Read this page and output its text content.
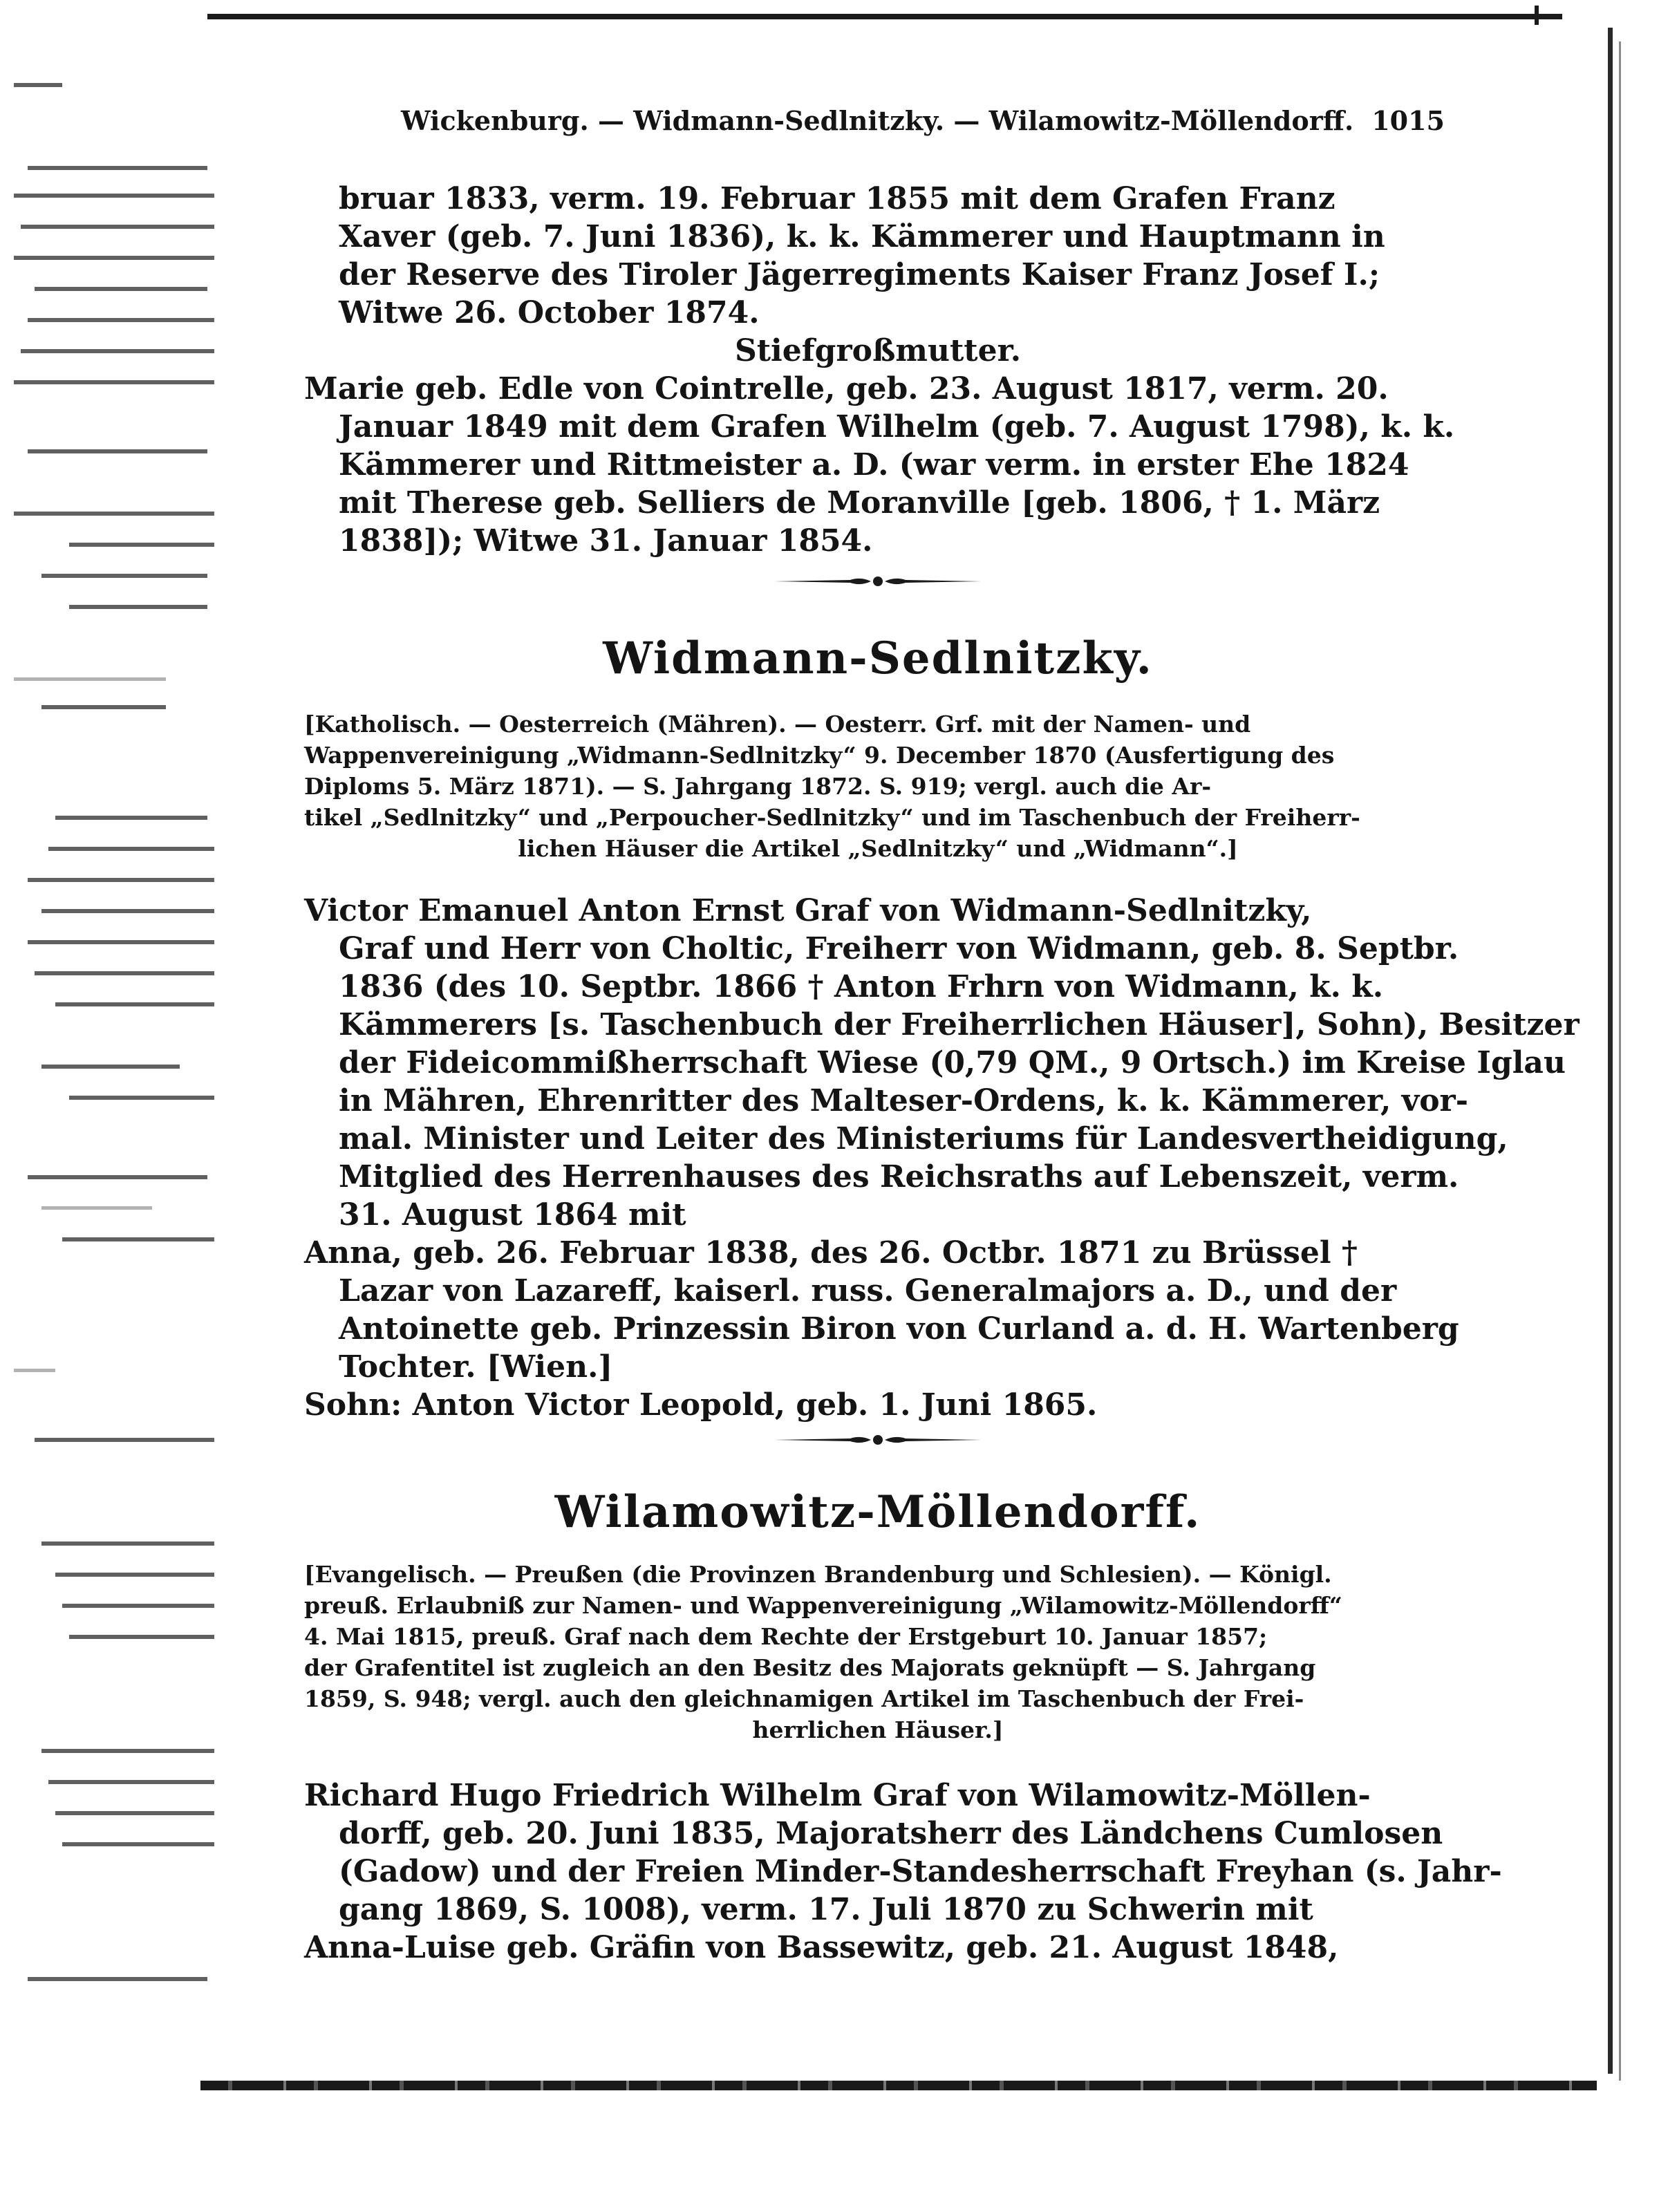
Wickenburg. — Widmann-Sedlnitzky. — Wilamowitz-Möllendorff. 1015
bruar 1833, verm. 19. Februar 1855 mit dem Grafen Franz
Xaver (geb. 7. Juni 1836), k. k. Kämmerer und Hauptmann in
der Reserve des Tiroler Jägerregiments Kaiser Franz Josef I.;
Witwe 26. October 1874.
Stiefgroßmutter.
Marie geb. Edle von Cointrelle, geb. 23. August 1817, verm. 20.
Januar 1849 mit dem Grafen Wilhelm (geb. 7. August 1798), k. k.
Kämmerer und Rittmeister a. D. (war verm. in erster Ehe 1824
mit Therese geb. Selliers de Moranville [geb. 1806, † 1. März
1838]); Witwe 31. Januar 1854.
Widmann-Sedlnitzky.
[Katholisch. — Oesterreich (Mähren). — Oesterr. Grf. mit der Namen- und
Wappenvereinigung „Widmann-Sedlnitzky“ 9. December 1870 (Ausfertigung des
Diploms 5. März 1871). — S. Jahrgang 1872. S. 919; vergl. auch die Ar-
tikel „Sedlnitzky“ und „Perpoucher-Sedlnitzky“ und im Taschenbuch der Freiherr-
lichen Häuser die Artikel „Sedlnitzky“ und „Widmann“.]
Victor Emanuel Anton Ernst Graf von Widmann-Sedlnitzky,
Graf und Herr von Choltic, Freiherr von Widmann, geb. 8. Septbr.
1836 (des 10. Septbr. 1866 † Anton Frhrn von Widmann, k. k.
Kämmerers [s. Taschenbuch der Freiherrlichen Häuser], Sohn), Besitzer
der Fideicommißherrschaft Wiese (0,79 QM., 9 Ortsch.) im Kreise Iglau
in Mähren, Ehrenritter des Malteser-Ordens, k. k. Kämmerer, vor-
mal. Minister und Leiter des Ministeriums für Landesvertheidigung,
Mitglied des Herrenhauses des Reichsraths auf Lebenszeit, verm.
31. August 1864 mit
Anna, geb. 26. Februar 1838, des 26. Octbr. 1871 zu Brüssel †
Lazar von Lazareff, kaiserl. russ. Generalmajors a. D., und der
Antoinette geb. Prinzessin Biron von Curland a. d. H. Wartenberg
Tochter. [Wien.]
Sohn: Anton Victor Leopold, geb. 1. Juni 1865.
Wilamowitz-Möllendorff.
[Evangelisch. — Preußen (die Provinzen Brandenburg und Schlesien). — Königl.
preuß. Erlaubniß zur Namen- und Wappenvereinigung „Wilamowitz-Möllendorff“
4. Mai 1815, preuß. Graf nach dem Rechte der Erstgeburt 10. Januar 1857;
der Grafentitel ist zugleich an den Besitz des Majorats geknüpft — S. Jahrgang
1859, S. 948; vergl. auch den gleichnamigen Artikel im Taschenbuch der Frei-
herrlichen Häuser.]
Richard Hugo Friedrich Wilhelm Graf von Wilamowitz-Möllen-
dorff, geb. 20. Juni 1835, Majoratsherr des Ländchens Cumlosen
(Gadow) und der Freien Minder-Standesherrschaft Freyhan (s. Jahr-
gang 1869, S. 1008), verm. 17. Juli 1870 zu Schwerin mit
Anna-Luise geb. Gräfin von Bassewitz, geb. 21. August 1848,
